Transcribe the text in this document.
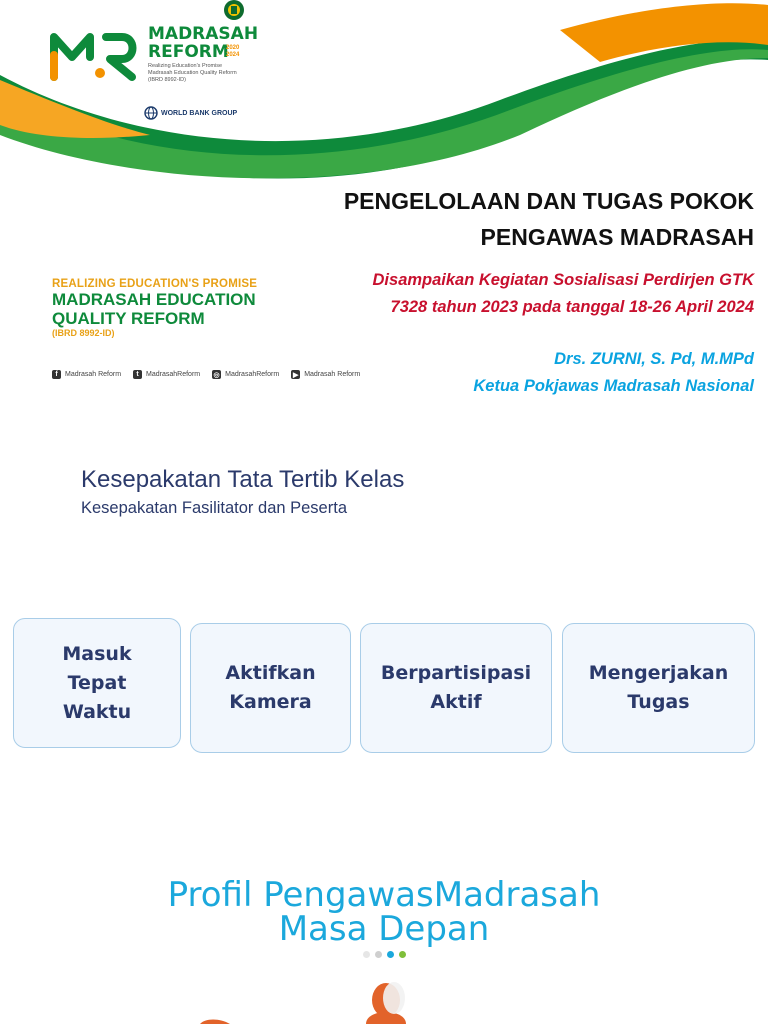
MADRASAH
REFORM
2020 2024
Realizing Education's Promise
Madrasah Education Quality Reform
(IBRD 8992-ID)
WORLD BANK GROUP
PENGELOLAAN DAN TUGAS POKOK
PENGAWAS MADRASAH
Disampaikan Kegiatan Sosialisasi Perdirjen GTK
7328 tahun 2023 pada tanggal 18-26 April 2024
Drs. ZURNI, S. Pd, M.MPd
Ketua Pokjawas Madrasah Nasional
REALIZING EDUCATION'S PROMISE
MADRASAH EDUCATION
QUALITY REFORM
(IBRD 8992-ID)
f	Madrasah Reform	t	MadrasahReform ◎ MadrasahReform ▶ Madrasah Reform
Kesepakatan Tata Tertib Kelas
Kesepakatan Fasilitator dan Peserta
Masuk
Tepat
Waktu
Aktifkan
Kamera
Berpartisipasi
Aktif
Mengerjakan
Tugas
Profil PengawasMadrasah
Masa Depan
